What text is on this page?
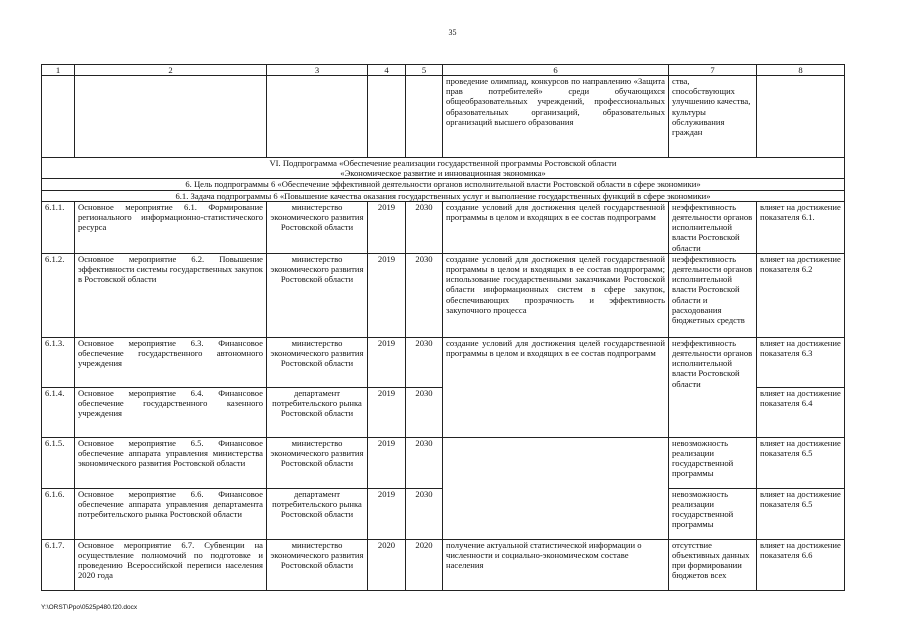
35
1	2	3	4	5	6	7	8
					проведение олимпиад, конкурсов по направлению «Защита прав потребителей» среди обучающихся общеобразовательных учреждений, профессиональных образовательных организаций, образовательных организаций высшего образования	ства, способствующих улучшению качества, культуры обслуживания граждан	
VI. Подпрограмма «Обеспечение реализации государственной программы Ростовской области «Экономическое развитие и инновационная экономика»							
6. Цель подпрограммы 6 «Обеспечение эффективной деятельности органов исполнительной власти Ростовской области в сфере экономики»							
6.1. Задача подпрограммы 6 «Повышение качества оказания государственных услуг и выполнение государственных функций в сфере экономики»							
6.1.1.	Основное мероприятие 6.1. Формирование регионального информационно-статистического ресурса	министерство экономического развития Ростовской области	2019	2030	создание условий для достижения целей государственной программы в целом и входящих в ее состав подпрограмм	неэффективность деятельности органов исполнительной власти Ростовской области	влияет на достижение показателя 6.1.
6.1.2.	Основное мероприятие 6.2. Повышение эффективности системы государственных закупок в Ростовской области	министерство экономического развития Ростовской области	2019	2030	создание условий для достижения целей государственной программы в целом и входящих в ее состав подпрограмм; использование государственными заказчиками Ростовской области информационных систем в сфере закупок, обеспечивающих прозрачность и эффективность закупочного процесса	неэффективность деятельности органов исполнительной власти Ростовской области и расходования бюджетных средств	влияет на достижение показателя 6.2
6.1.3.	Основное мероприятие 6.3. Финансовое обеспечение государственного автономного учреждения	министерство экономического развития Ростовской области	2019	2030	создание условий для достижения целей государственной программы в целом и входящих в ее состав подпрограмм	неэффективность деятельности органов исполнительной власти Ростовской области	влияет на достижение показателя 6.3
6.1.4.	Основное мероприятие 6.4. Финансовое обеспечение государственного казенного учреждения	департамент потребительского рынка Ростовской области	2019	2030			влияет на достижение показателя 6.4
6.1.5.	Основное мероприятие 6.5. Финансовое обеспечение аппарата управления министерства экономического развития Ростовской области	министерство экономического развития Ростовской области	2019	2030		невозможность реализации государственной программы	влияет на достижение показателя 6.5
6.1.6.	Основное мероприятие 6.6. Финансовое обеспечение аппарата управления департамента потребительского рынка Ростовской области	департамент потребительского рынка Ростовской области	2019	2030		невозможность реализации государственной программы	влияет на достижение показателя 6.5
6.1.7.	Основное мероприятие 6.7. Субвенции на осуществление полномочий по подготовке и проведению Всероссийской переписи населения 2020 года	министерство экономического развития Ростовской области	2020	2020	получение актуальной статистической информации о численности и социально-экономическом составе населения	отсутствие объективных данных при формировании бюджетов всех	влияет на достижение показателя 6.6
Y:\ORST\Ppo\0525p480.f20.docx
